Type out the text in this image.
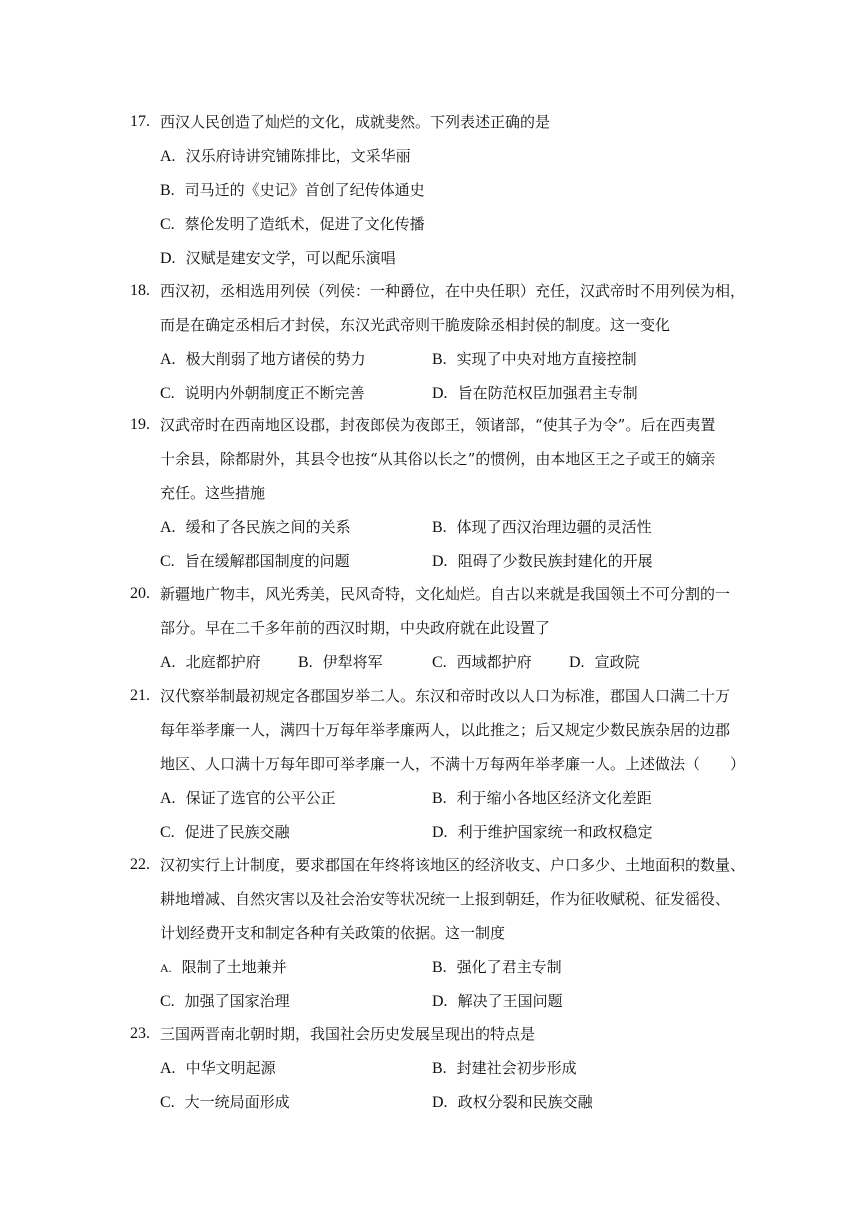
17. 西汉人民创造了灿烂的文化，成就斐然。下列表述正确的是
A. 汉乐府诗讲究铺陈排比，文采华丽
B. 司马迁的《史记》首创了纪传体通史
C. 蔡伦发明了造纸术，促进了文化传播
D. 汉赋是建安文学，可以配乐演唱
18. 西汉初，丞相选用列侯（列侯：一种爵位，在中央任职）充任，汉武帝时不用列侯为相，
而是在确定丞相后才封侯，东汉光武帝则干脆废除丞相封侯的制度。这一变化
A. 极大削弱了地方诸侯的势力	B. 实现了中央对地方直接控制
C. 说明内外朝制度正不断完善	D. 旨在防范权臣加强君主专制
19. 汉武帝时在西南地区设郡，封夜郎侯为夜郎王，领诸部，“使其子为令”。后在西夷置
十余县，除都尉外，其县令也按“从其俗以长之”的惯例，由本地区王之子或王的嫡亲
充任。这些措施
A. 缓和了各民族之间的关系	B. 体现了西汉治理边疆的灵活性
C. 旨在缓解郡国制度的问题	D. 阻碍了少数民族封建化的开展
20. 新疆地广物丰，风光秀美，民风奇特，文化灿烂。自古以来就是我国领土不可分割的一
部分。早在二千多年前的西汉时期，中央政府就在此设置了
A. 北庭都护府 B. 伊犁将军	C. 西域都护府 D. 宣政院
21. 汉代察举制最初规定各郡国岁举二人。东汉和帝时改以人口为标准，郡国人口满二十万
每年举孝廉一人，满四十万每年举孝廉两人，以此推之；后又规定少数民族杂居的边郡
地区、人口满十万每年即可举孝廉一人，不满十万每两年举孝廉一人。上述做法（　　）
A. 保证了选官的公平公正	B. 利于缩小各地区经济文化差距
C. 促进了民族交融	D. 利于维护国家统一和政权稳定
22. 汉初实行上计制度，要求郡国在年终将该地区的经济收支、户口多少、土地面积的数量、
耕地增减、自然灾害以及社会治安等状况统一上报到朝廷，作为征收赋税、征发徭役、
计划经费开支和制定各种有关政策的依据。这一制度
A. 限制了土地兼并	B. 强化了君主专制
C. 加强了国家治理	D. 解决了王国问题
23. 三国两晋南北朝时期，我国社会历史发展呈现出的特点是
A. 中华文明起源	B. 封建社会初步形成
C. 大一统局面形成	D. 政权分裂和民族交融
